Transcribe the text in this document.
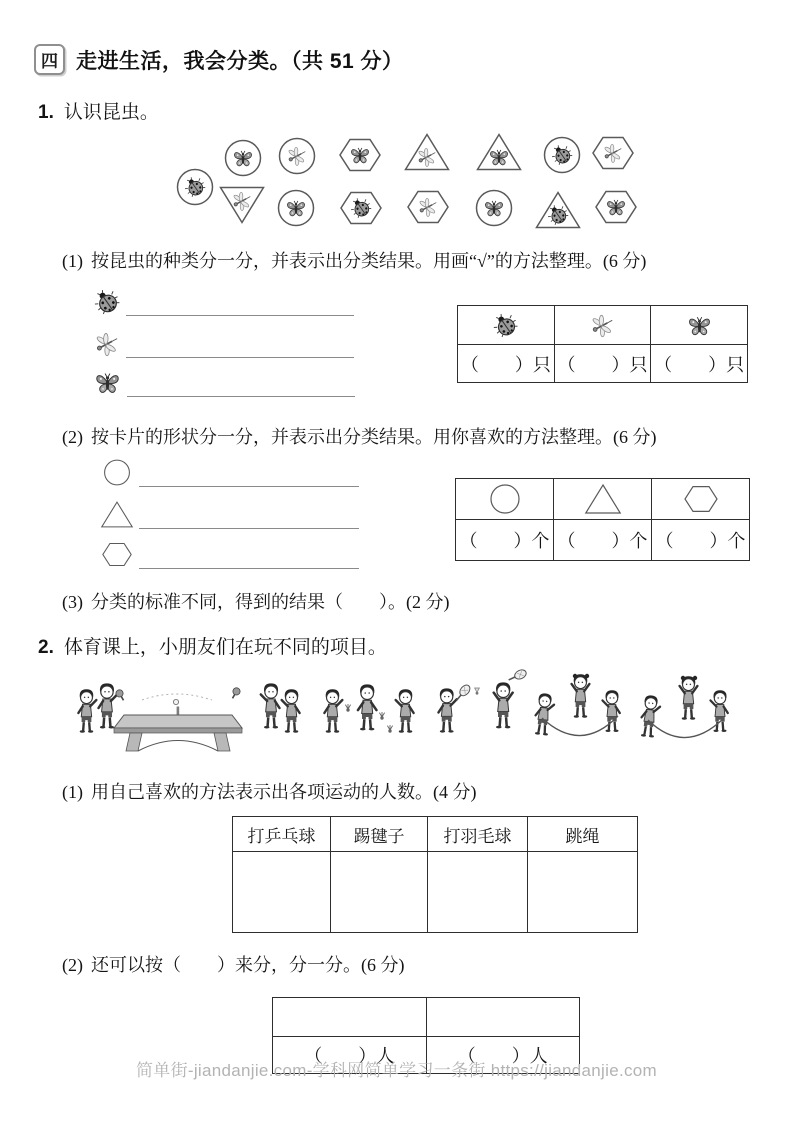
四 走进生活，我会分类。（共 51 分）
1. 认识昆虫。
(1) 按昆虫的种类分一分，并表示出分类结果。用画“√”的方法整理。(6 分)

（　　）只	（　　）只	（　　）只
(2) 按卡片的形状分一分，并表示出分类结果。用你喜欢的方法整理。(6 分)

（　　）个	（　　）个	（　　）个
(3) 分类的标准不同，得到的结果（　　）。(2 分)
2. 体育课上，小朋友们在玩不同的项目。
(1) 用自己喜欢的方法表示出各项运动的人数。(4 分)
打乒乓球	踢毽子	打羽毛球	跳绳

(2) 还可以按（　　）来分，分一分。(6 分)

（　　）人	（　　）人
简单街-jiandanjie.com-学科网简单学习一条街 https://jiandanjie.com
